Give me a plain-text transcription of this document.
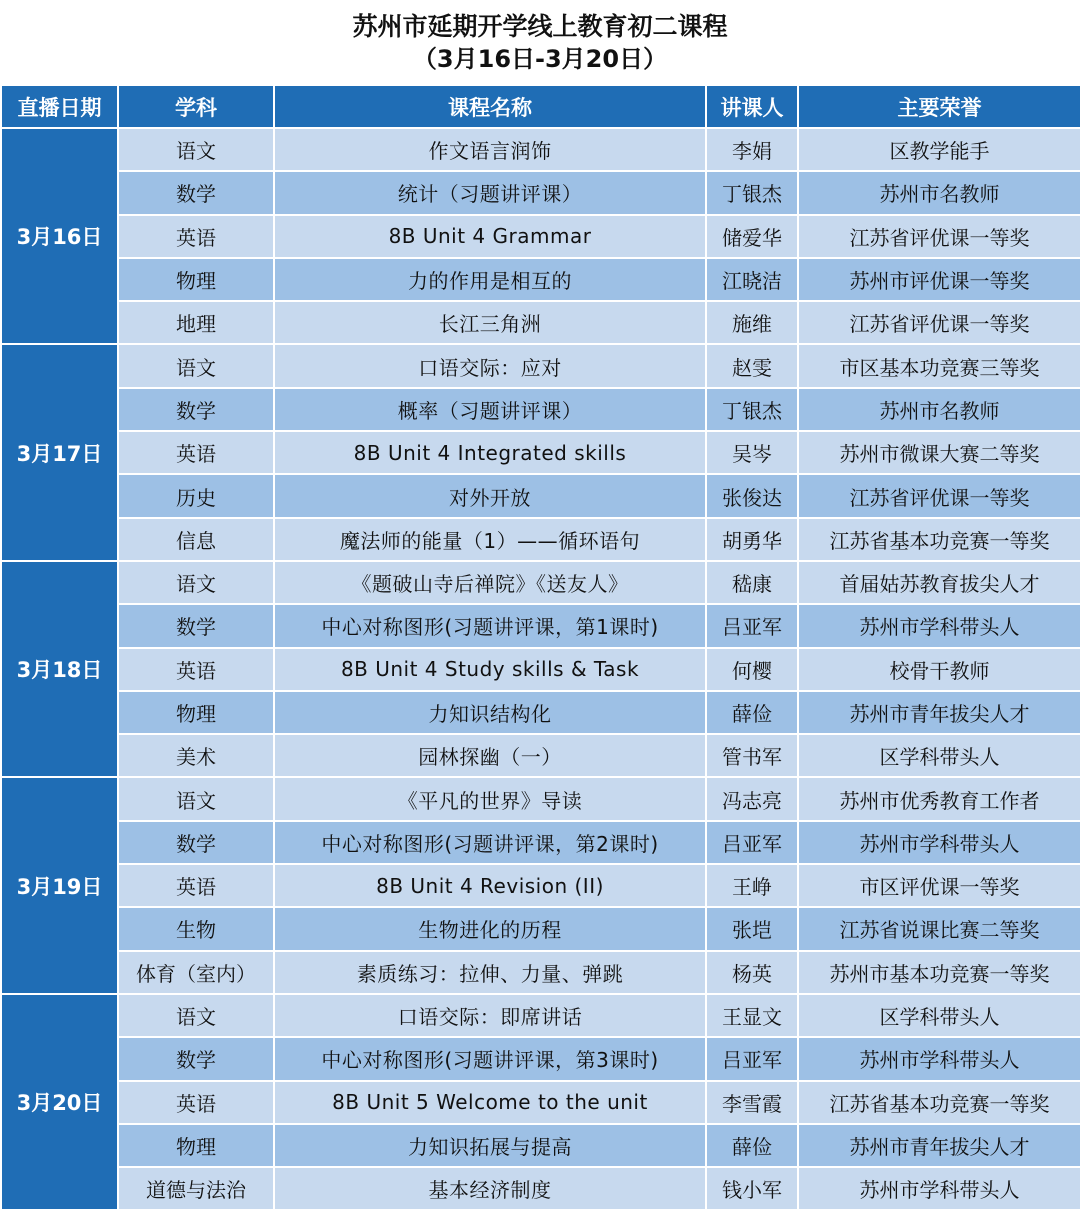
苏州市延期开学线上教育初二课程
（3月16日-3月20日）
直播日期	学科	课程名称	讲课人	主要荣誉
3月16日	语文	作文语言润饰	李娟	区教学能手
	数学	统计（习题讲评课）	丁银杰	苏州市名教师
	英语	8B Unit 4 Grammar	储爱华	江苏省评优课一等奖
	物理	力的作用是相互的	江晓洁	苏州市评优课一等奖
	地理	长江三角洲	施维	江苏省评优课一等奖
3月17日	语文	口语交际：应对	赵雯	市区基本功竞赛三等奖
	数学	概率（习题讲评课）	丁银杰	苏州市名教师
	英语	8B Unit 4 Integrated skills	吴岑	苏州市微课大赛二等奖
	历史	对外开放	张俊达	江苏省评优课一等奖
	信息	魔法师的能量（1）——循环语句	胡勇华	江苏省基本功竞赛一等奖
3月18日	语文	《题破山寺后禅院》《送友人》	嵇康	首届姑苏教育拔尖人才
	数学	中心对称图形(习题讲评课，第1课时)	吕亚军	苏州市学科带头人
	英语	8B Unit 4 Study skills & Task	何樱	校骨干教师
	物理	力知识结构化	薛俭	苏州市青年拔尖人才
	美术	园林探幽（一）	管书军	区学科带头人
3月19日	语文	《平凡的世界》导读	冯志亮	苏州市优秀教育工作者
	数学	中心对称图形(习题讲评课，第2课时)	吕亚军	苏州市学科带头人
	英语	8B Unit 4 Revision (II)	王峥	市区评优课一等奖
	生物	生物进化的历程	张垲	江苏省说课比赛二等奖
	体育（室内）	素质练习：拉伸、力量、弹跳	杨英	苏州市基本功竞赛一等奖
3月20日	语文	口语交际：即席讲话	王显文	区学科带头人
	数学	中心对称图形(习题讲评课，第3课时)	吕亚军	苏州市学科带头人
	英语	8B Unit 5 Welcome to the unit	李雪霞	江苏省基本功竞赛一等奖
	物理	力知识拓展与提高	薛俭	苏州市青年拔尖人才
	道德与法治	基本经济制度	钱小军	苏州市学科带头人
